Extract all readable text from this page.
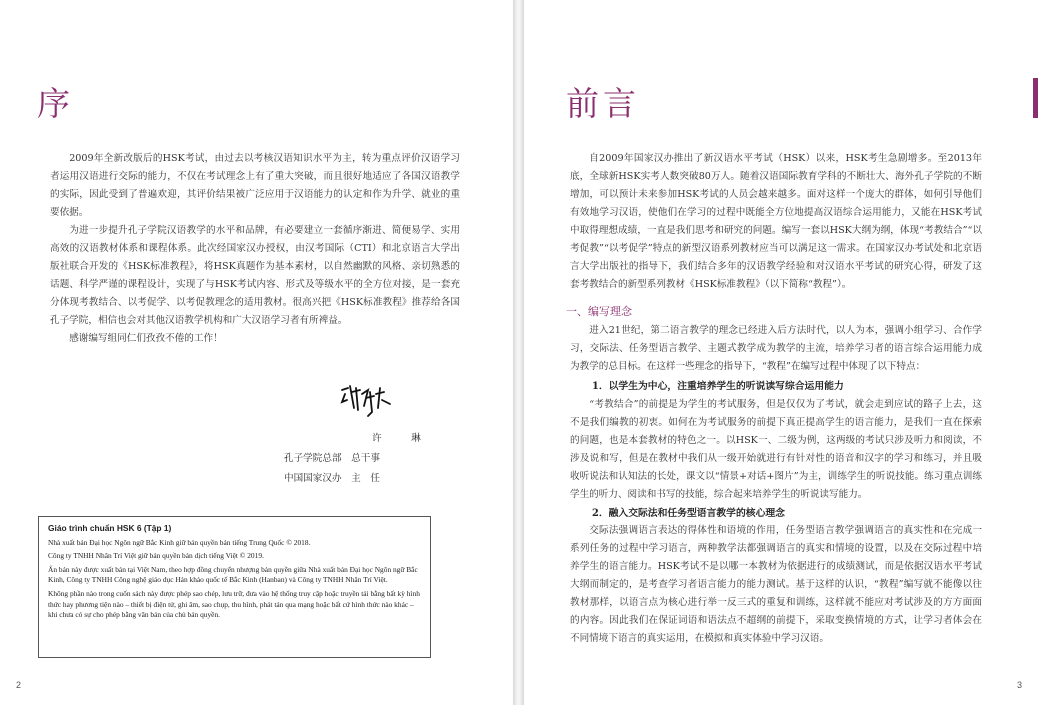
序

2009年全新改版后的HSK考试，由过去以考核汉语知识水平为主，转为重点评价汉语学习者运用汉语进行交际的能力，不仅在考试理念上有了重大突破，而且很好地适应了各国汉语教学的实际，因此受到了普遍欢迎，其评价结果被广泛应用于汉语能力的认定和作为升学、就业的重要依据。

为进一步提升孔子学院汉语教学的水平和品牌，有必要建立一套循序渐进、简便易学、实用高效的汉语教材体系和课程体系。此次经国家汉办授权，由汉考国际（CTI）和北京语言大学出版社联合开发的《HSK标准教程》，将HSK真题作为基本素材，以自然幽默的风格、亲切熟悉的话题、科学严谨的课程设计，实现了与HSK考试内容、形式及等级水平的全方位对接，是一套充分体现考教结合、以考促学、以考促教理念的适用教材。很高兴把《HSK标准教程》推荐给各国孔子学院，相信也会对其他汉语教学机构和广大汉语学习者有所裨益。

感谢编写组同仁们孜孜不倦的工作！

许　琳
孔子学院总部　总干事
中国国家汉办　主　任
Giáo trình chuẩn HSK 6 (Tập 1)

Nhà xuất bản Đại học Ngôn ngữ Bắc Kinh giữ bản quyền bản tiếng Trung Quốc © 2018.

Công ty TNHH Nhân Trí Việt giữ bản quyền bản dịch tiếng Việt © 2019.

Ấn bản này được xuất bản tại Việt Nam, theo hợp đồng chuyển nhượng bản quyền giữa Nhà xuất bản Đại học Ngôn ngữ Bắc Kinh, Công ty TNHH Công nghệ giáo dục Hán khảo quốc tế Bắc Kinh (Hanban) và Công ty TNHH Nhân Trí Việt.

Không phần nào trong cuốn sách này được phép sao chép, lưu trữ, đưa vào hệ thống truy cập hoặc truyền tải bằng bất kỳ hình thức hay phương tiện nào – thiết bị điện tử, ghi âm, sao chụp, thu hình, phát tán qua mạng hoặc bất cứ hình thức nào khác – khi chưa có sự cho phép bằng văn bản của chủ bản quyền.

2
前言

自2009年国家汉办推出了新汉语水平考试（HSK）以来，HSK考生急剧增多。至2013年底，全球新HSK实考人数突破80万人。随着汉语国际教育学科的不断壮大、海外孔子学院的不断增加，可以预计未来参加HSK考试的人员会越来越多。面对这样一个庞大的群体，如何引导他们有效地学习汉语，使他们在学习的过程中既能全方位地提高汉语综合运用能力，又能在HSK考试中取得理想成绩，一直是我们思考和研究的问题。编写一套以HSK大纲为纲，体现“考教结合”“以考促教”“以考促学”特点的新型汉语系列教材应当可以满足这一需求。在国家汉办考试处和北京语言大学出版社的指导下，我们结合多年的汉语教学经验和对汉语水平考试的研究心得，研发了这套考教结合的新型系列教材《HSK标准教程》（以下简称“教程”）。

一、编写理念

进入21世纪，第二语言教学的理念已经进入后方法时代，以人为本，强调小组学习、合作学习，交际法、任务型语言教学、主题式教学成为教学的主流，培养学习者的语言综合运用能力成为教学的总目标。在这样一些理念的指导下，“教程”在编写过程中体现了以下特点：

1．以学生为中心，注重培养学生的听说读写综合运用能力

“考教结合”的前提是为学生的考试服务，但是仅仅为了考试，就会走到应试的路子上去，这不是我们编教的初衷。如何在为考试服务的前提下真正提高学生的语言能力，是我们一直在探索的问题，也是本套教材的特色之一。以HSK一、二级为例，这两级的考试只涉及听力和阅读，不涉及说和写，但是在教材中我们从一级开始就进行有针对性的语音和汉字的学习和练习，并且吸收听说法和认知法的长处，课文以“情景+对话+图片”为主，训练学生的听说技能。练习重点训练学生的听力、阅读和书写的技能，综合起来培养学生的听说读写能力。

2．融入交际法和任务型语言教学的核心理念

交际法强调语言表达的得体性和语境的作用，任务型语言教学强调语言的真实性和在完成一系列任务的过程中学习语言，两种教学法都强调语言的真实和情境的设置，以及在交际过程中培养学生的语言能力。HSK考试不是以哪一本教材为依据进行的成绩测试，而是依据汉语水平考试大纲而制定的，是考查学习者语言能力的能力测试。基于这样的认识，“教程”编写就不能像以往教材那样，以语言点为核心进行举一反三式的重复和训练，这样就不能应对考试涉及的方方面面的内容。因此我们在保证词语和语法点不超纲的前提下，采取变换情境的方式，让学习者体会在不同情境下语言的真实运用，在模拟和真实体验中学习汉语。

3
